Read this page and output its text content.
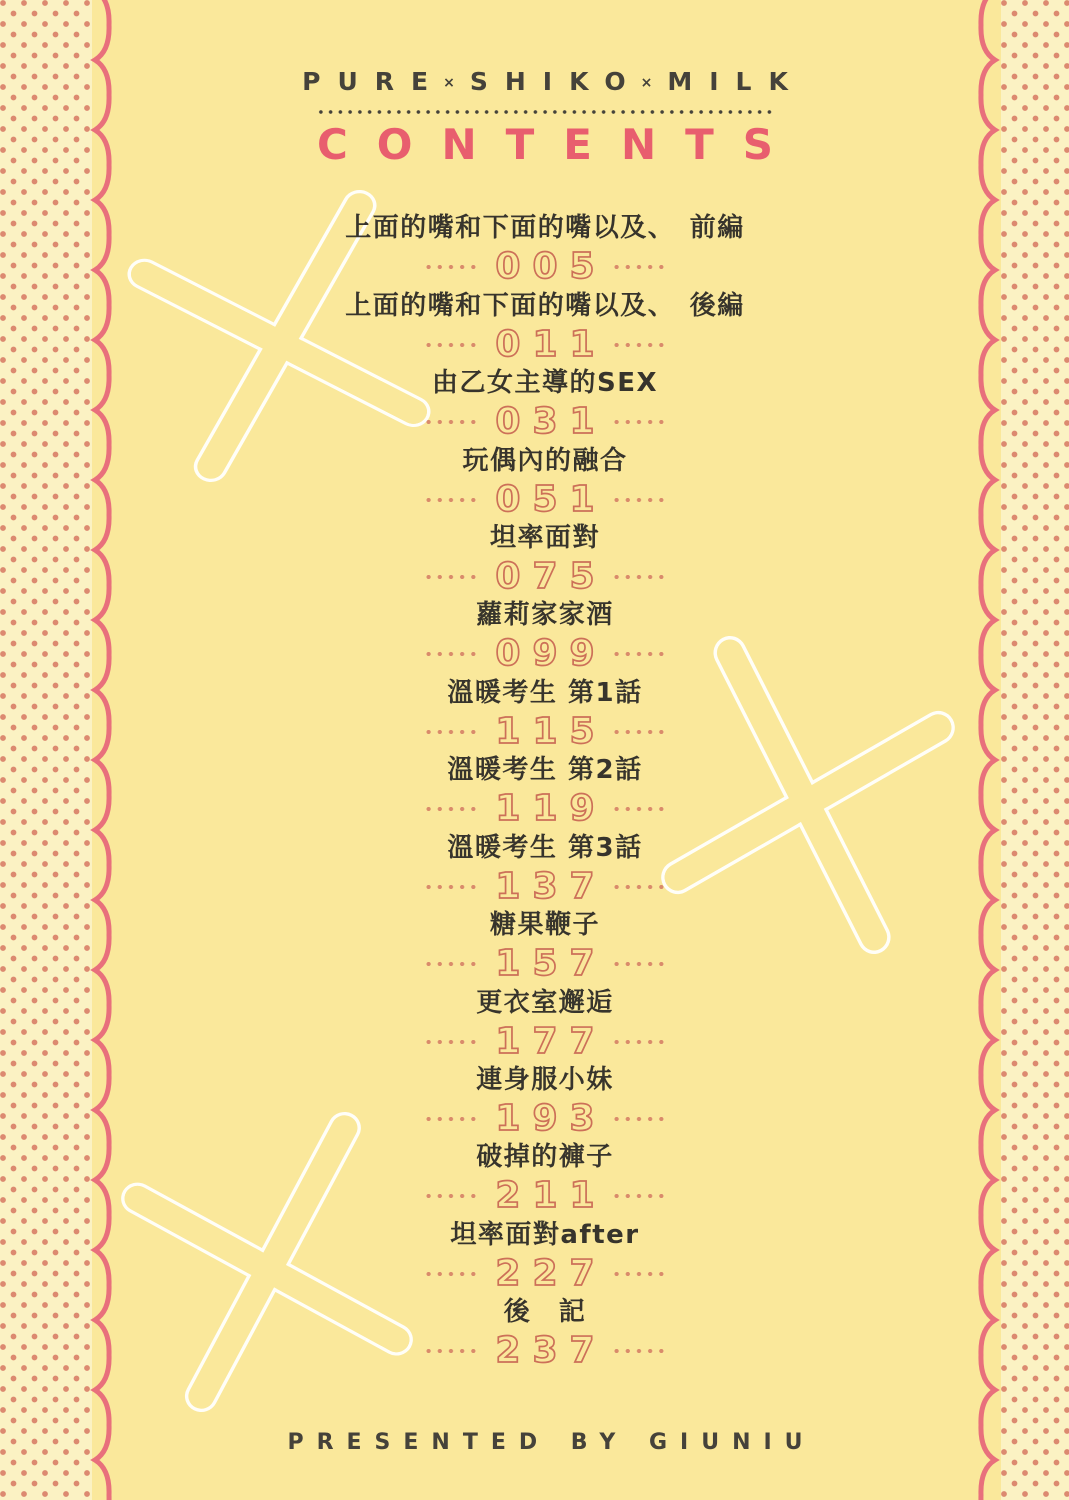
PURE× SHIKO× MILK
CONTENTS
上面的嘴和下面的嘴以及、　前編
005
上面的嘴和下面的嘴以及、　後編
011
由乙女主導的SEX
031
玩偶內的融合
051
坦率面對
075
蘿莉家家酒
099
溫暖考生 第1話
115
溫暖考生 第2話
119
溫暖考生 第3話
137
糖果鞭子
157
更衣室邂逅
177
連身服小妹
193
破掉的褲子
211
坦率面對after
227
後　記
237
PRESENTED BY GIUNIU
